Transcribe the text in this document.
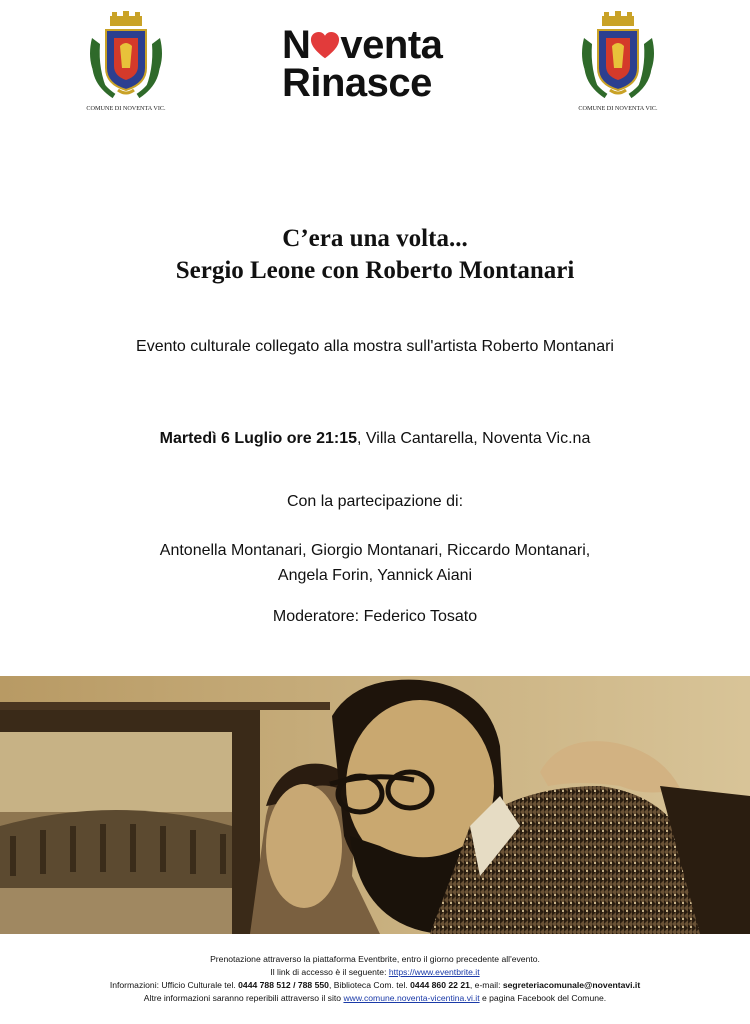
COMUNE DI NOVENTA VIC.
N venta
Rinasce
COMUNE DI NOVENTA VIC.
C’era una volta...
Sergio Leone con Roberto Montanari
Evento culturale collegato alla mostra sull'artista Roberto Montanari
Martedì 6 Luglio ore 21:15, Villa Cantarella, Noventa Vic.na
Con la partecipazione di:
Antonella Montanari, Giorgio Montanari, Riccardo Montanari,
Angela Forin, Yannick Aiani
Moderatore: Federico Tosato
Prenotazione attraverso la piattaforma Eventbrite, entro il giorno precedente all'evento.
Il link di accesso è il seguente: https://www.eventbrite.it
Informazioni: Ufficio Culturale tel. 0444 788 512 / 788 550, Biblioteca Com. tel. 0444 860 22 21, e-mail: segreteriacomunale@noventavi.it
Altre informazioni saranno reperibili attraverso il sito www.comune.noventa-vicentina.vi.it e pagina Facebook del Comune.
